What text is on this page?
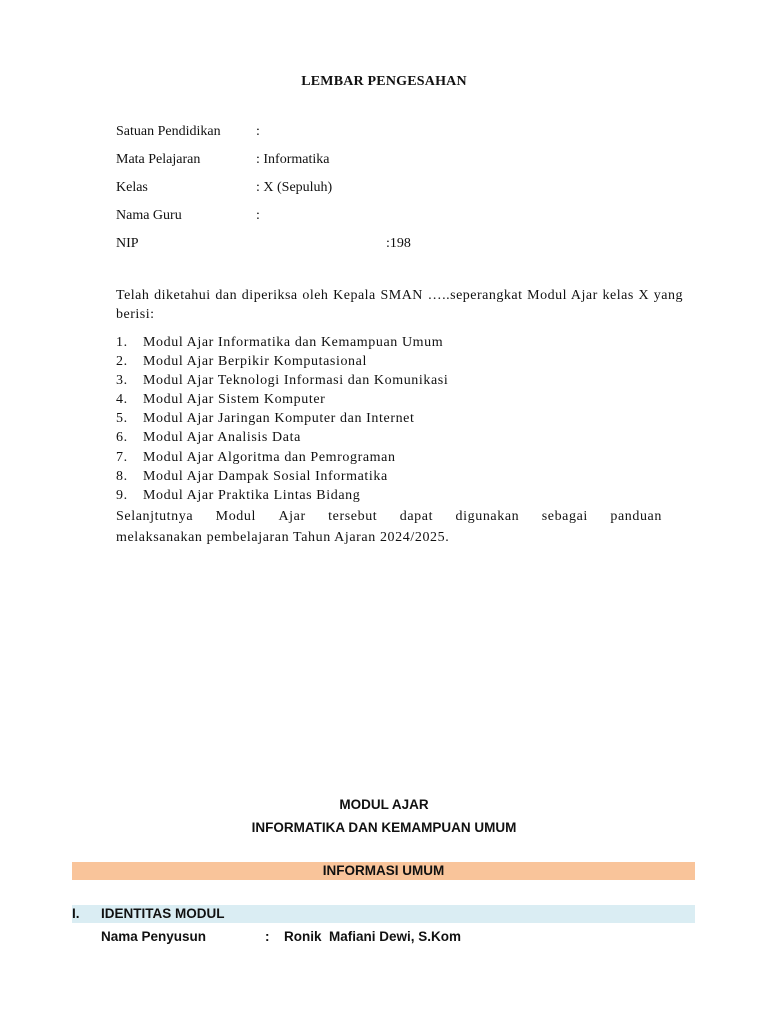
LEMBAR PENGESAHAN
Satuan Pendidikan	:
Mata Pelajaran	: Informatika
Kelas	: X (Sepuluh)
Nama Guru	:
NIP	:198
Telah diketahui dan diperiksa oleh Kepala SMAN …..seperangkat Modul Ajar kelas X yang berisi:
1. Modul Ajar Informatika dan Kemampuan Umum
2. Modul Ajar Berpikir Komputasional
3. Modul Ajar Teknologi Informasi dan Komunikasi
4. Modul Ajar Sistem Komputer
5. Modul Ajar Jaringan Komputer dan Internet
6. Modul Ajar Analisis Data
7. Modul Ajar Algoritma dan Pemrograman
8. Modul Ajar Dampak Sosial Informatika
9. Modul Ajar Praktika Lintas Bidang
Selanjtutnya Modul Ajar tersebut dapat digunakan sebagai panduan
melaksanakan pembelajaran Tahun Ajaran 2024/2025.
MODUL AJAR
INFORMATIKA DAN KEMAMPUAN UMUM
INFORMASI UMUM
I. IDENTITAS MODUL
Nama Penyusun	: Ronik  Mafiani Dewi, S.Kom
